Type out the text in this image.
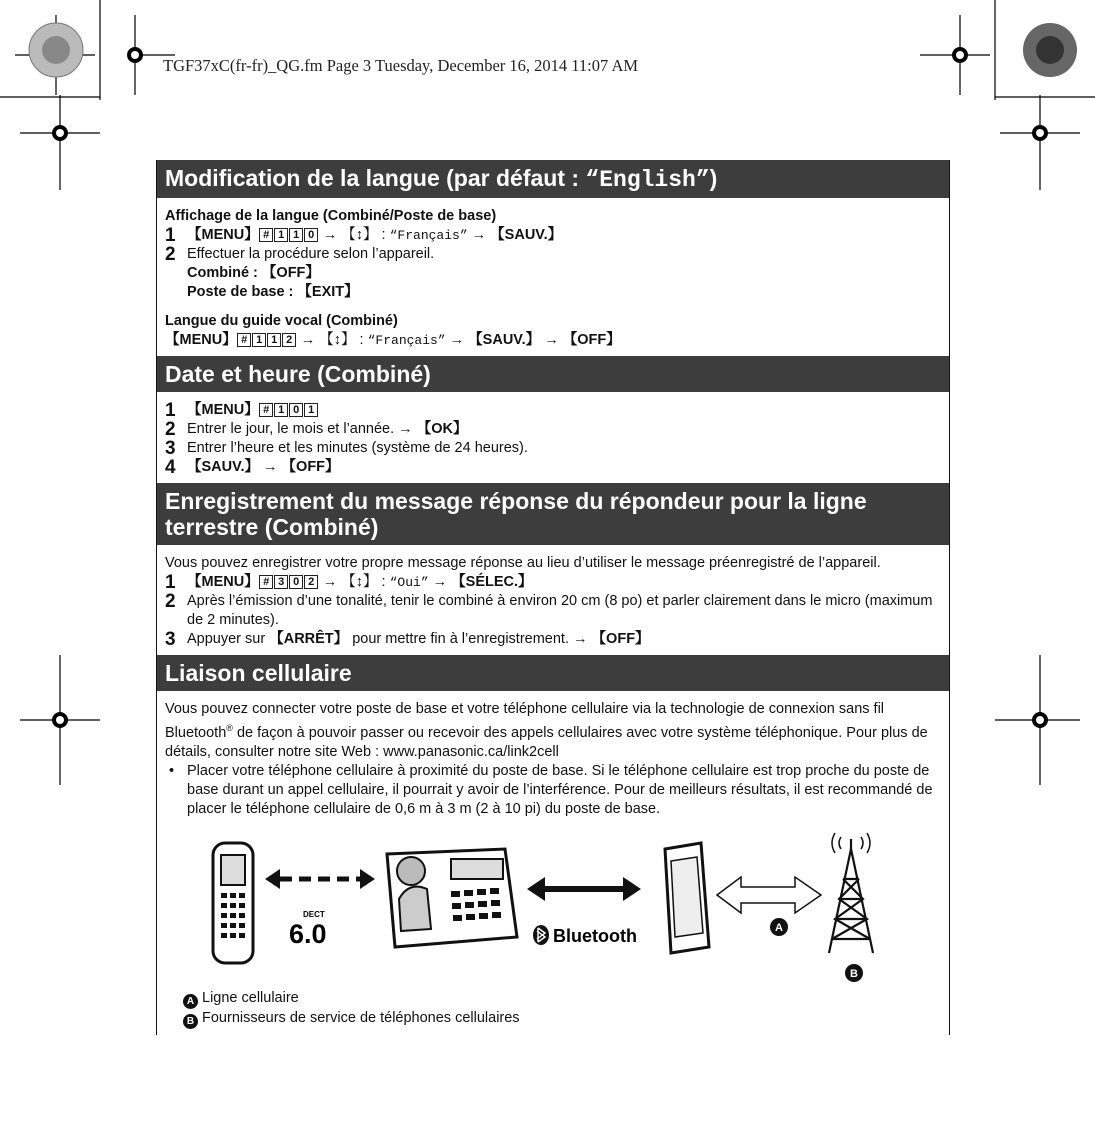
TGF37xC(fr-fr)_QG.fm Page 3 Tuesday, December 16, 2014 11:07 AM
Modification de la langue (par défaut : “English”)
Affichage de la langue (Combiné/Poste de base)
1 【MENU】 # 1 1 0 → 【↕】 : “Français” → 【SAUV.】
2 Effectuer la procédure selon l’appareil.
Combiné : 【OFF】
Poste de base : 【EXIT】
Langue du guide vocal (Combiné)
【MENU】 # 1 1 2 → 【↕】 : “Français” → 【SAUV.】 → 【OFF】
Date et heure (Combiné)
1 【MENU】 # 1 0 1
2 Entrer le jour, le mois et l’année. → 【OK】
3 Entrer l’heure et les minutes (système de 24 heures).
4 【SAUV.】 → 【OFF】
Enregistrement du message réponse du répondeur pour la ligne terrestre (Combiné)
Vous pouvez enregistrer votre propre message réponse au lieu d’utiliser le message préenregistré de l’appareil.
1 【MENU】 # 3 0 2 → 【↕】 : “Oui” → 【SÉLEC.】
2 Après l’émission d’une tonalité, tenir le combiné à environ 20 cm (8 po) et parler clairement dans le micro (maximum de 2 minutes).
3 Appuyer sur 【ARRÊT】 pour mettre fin à l’enregistrement. → 【OFF】
Liaison cellulaire
Vous pouvez connecter votre poste de base et votre téléphone cellulaire via la technologie de connexion sans fil Bluetooth® de façon à pouvoir passer ou recevoir des appels cellulaires avec votre système téléphonique. Pour plus de détails, consulter notre site Web : www.panasonic.ca/link2cell
• Placer votre téléphone cellulaire à proximité du poste de base. Si le téléphone cellulaire est trop proche du poste de base durant un appel cellulaire, il pourrait y avoir de l’interférence. Pour de meilleurs résultats, il est recommandé de placer le téléphone cellulaire de 0,6 m à 3 m (2 à 10 pi) du poste de base.
DECT
6.0	Bluetooth	A
B
A Ligne cellulaire
B Fournisseurs de service de téléphones cellulaires
